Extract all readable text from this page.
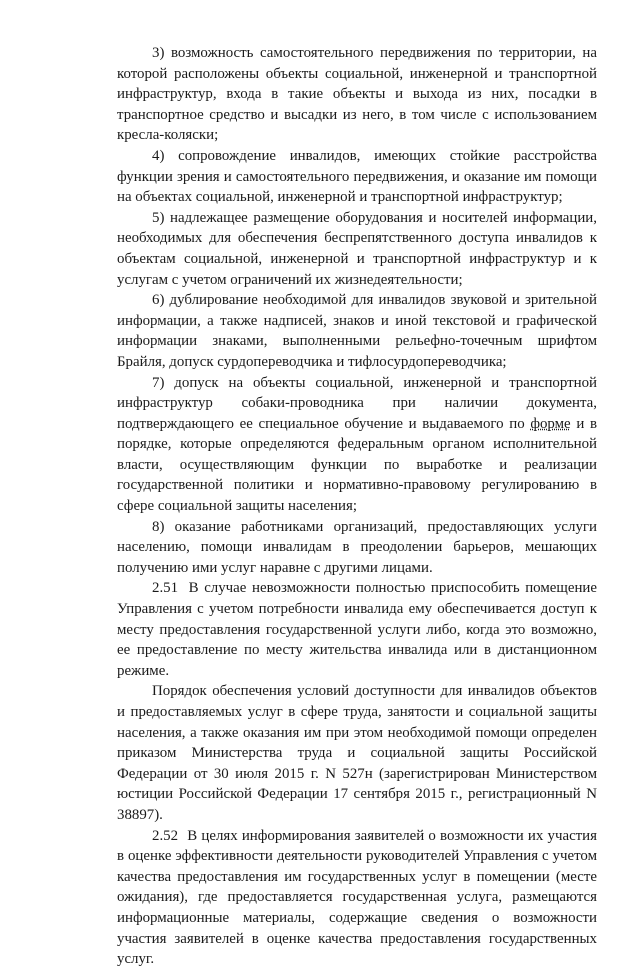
3) возможность самостоятельного передвижения по территории, на которой расположены объекты социальной, инженерной и транспортной инфраструктур, входа в такие объекты и выхода из них, посадки в транспортное средство и высадки из него, в том числе с использованием кресла-коляски;

4) сопровождение инвалидов, имеющих стойкие расстройства функции зрения и самостоятельного передвижения, и оказание им помощи на объектах социальной, инженерной и транспортной инфраструктур;

5) надлежащее размещение оборудования и носителей информации, необходимых для обеспечения беспрепятственного доступа инвалидов к объектам социальной, инженерной и транспортной инфраструктур и к услугам с учетом ограничений их жизнедеятельности;

6) дублирование необходимой для инвалидов звуковой и зрительной информации, а также надписей, знаков и иной текстовой и графической информации знаками, выполненными рельефно-точечным шрифтом Брайля, допуск сурдопереводчика и тифлосурдопереводчика;

7) допуск на объекты социальной, инженерной и транспортной инфраструктур собаки-проводника при наличии документа, подтверждающего ее специальное обучение и выдаваемого по форме и в порядке, которые определяются федеральным органом исполнительной власти, осуществляющим функции по выработке и реализации государственной политики и нормативно-правовому регулированию в сфере социальной защиты населения;

8) оказание работниками организаций, предоставляющих услуги населению, помощи инвалидам в преодолении барьеров, мешающих получению ими услуг наравне с другими лицами.

2.51 В случае невозможности полностью приспособить помещение Управления с учетом потребности инвалида ему обеспечивается доступ к месту предоставления государственной услуги либо, когда это возможно, ее предоставление по месту жительства инвалида или в дистанционном режиме.

Порядок обеспечения условий доступности для инвалидов объектов и предоставляемых услуг в сфере труда, занятости и социальной защиты населения, а также оказания им при этом необходимой помощи определен приказом Министерства труда и социальной защиты Российской Федерации от 30 июля 2015 г. N 527н (зарегистрирован Министерством юстиции Российской Федерации 17 сентября 2015 г., регистрационный N 38897).

2.52 В целях информирования заявителей о возможности их участия в оценке эффективности деятельности руководителей Управления с учетом качества предоставления им государственных услуг в помещении (месте ожидания), где предоставляется государственная услуга, размещаются информационные материалы, содержащие сведения о возможности участия заявителей в оценке качества предоставления государственных услуг.
